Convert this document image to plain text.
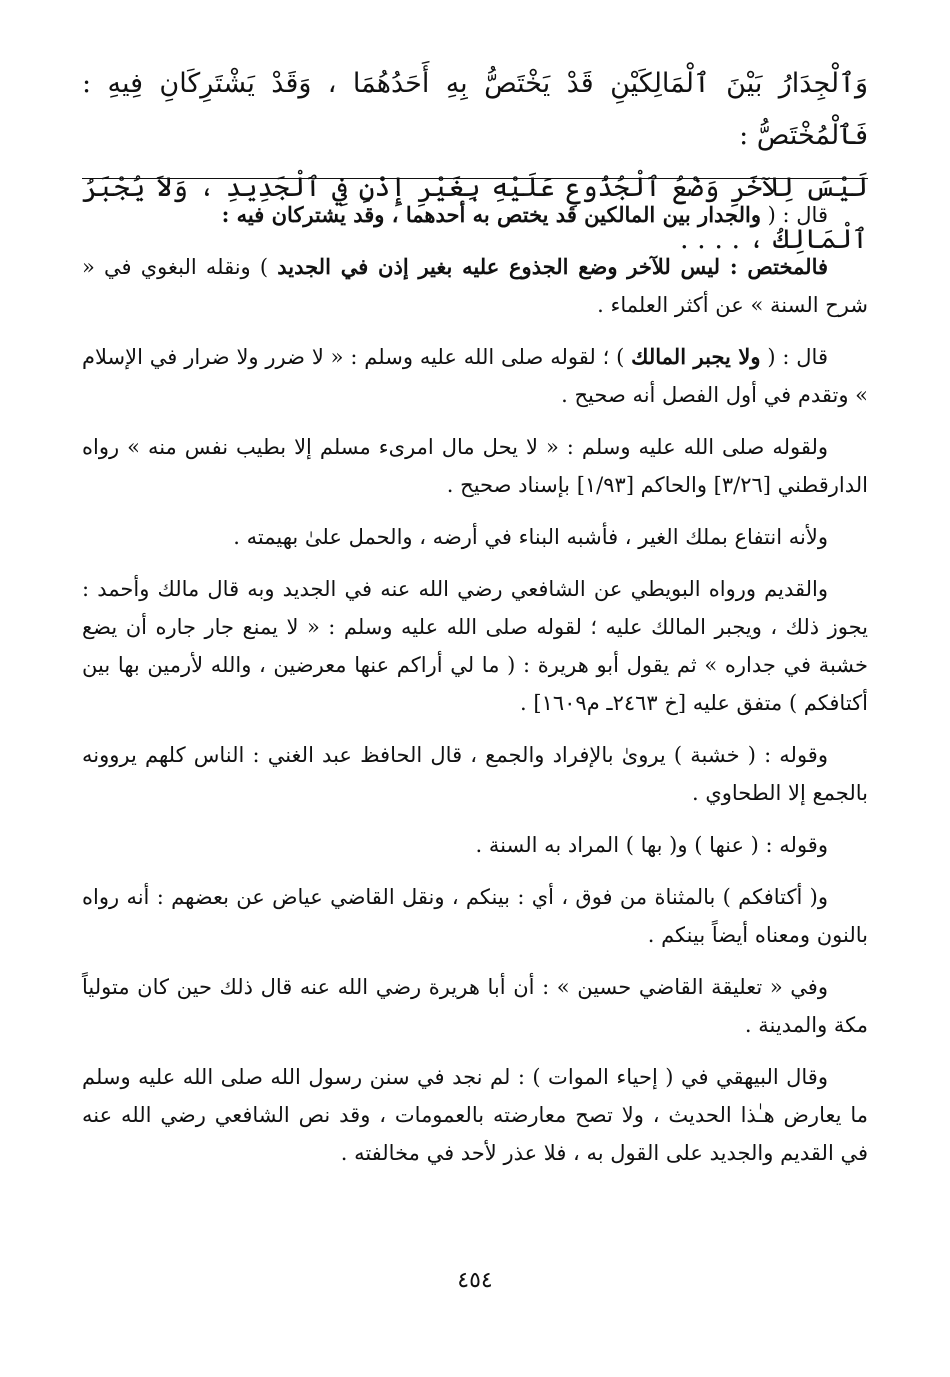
وَٱلْجِدَارُ بَيْنَ ٱلْمَالِكَيْنِ قَدْ يَخْتَصُّ بِهِ أَحَدُهُمَا ، وَقَدْ يَشْتَرِكَانِ فِيهِ : فَٱلْمُخْتَصُّ :

لَيْسَ لِلآخَرِ وَضْعُ ٱلْجُذُوعِ عَلَيْهِ بِغَيْرِ إِذْنٍ فِي ٱلْجَدِيدِ ، وَلاَ يُجْبَرُ ٱلْمَالِكُ ، . . . .

قال : ( والجدار بين المالكين قد يختص به أحدهما ، وقد يشتركان فيه :

فالمختص : ليس للآخر وضع الجذوع عليه بغير إذن في الجديد ) ونقله البغوي في « شرح السنة » عن أكثر العلماء .

قال : ( ولا يجبر المالك ) ؛ لقوله صلى الله عليه وسلم : « لا ضرر ولا ضرار في الإسلام » وتقدم في أول الفصل أنه صحيح .

ولقوله صلى الله عليه وسلم : « لا يحل مال امرىء مسلم إلا بطيب نفس منه » رواه الدارقطني [٣/٢٦] والحاكم [١/٩٣] بإسناد صحيح .

ولأنه انتفاع بملك الغير ، فأشبه البناء في أرضه ، والحمل علىٰ بهيمته .

والقديم ورواه البويطي عن الشافعي رضي الله عنه في الجديد وبه قال مالك وأحمد : يجوز ذلك ، ويجبر المالك عليه ؛ لقوله صلى الله عليه وسلم : « لا يمنع جار جاره أن يضع خشبة في جداره » ثم يقول أبو هريرة : ( ما لي أراكم عنها معرضين ، والله لأرمين بها بين أكتافكم ) متفق عليه [خ ٢٤٦٣ـ م١٦٠٩] .

وقوله : ( خشبة ) يروىٰ بالإفراد والجمع ، قال الحافظ عبد الغني : الناس كلهم يروونه بالجمع إلا الطحاوي .

وقوله : ( عنها ) و( بها ) المراد به السنة .

و( أكتافكم ) بالمثناة من فوق ، أي : بينكم ، ونقل القاضي عياض عن بعضهم : أنه رواه بالنون ومعناه أيضاً بينكم .

وفي « تعليقة القاضي حسين » : أن أبا هريرة رضي الله عنه قال ذلك حين كان متولياً مكة والمدينة .

وقال البيهقي في ( إحياء الموات ) : لم نجد في سنن رسول الله صلى الله عليه وسلم ما يعارض هـٰذا الحديث ، ولا تصح معارضته بالعمومات ، وقد نص الشافعي رضي الله عنه في القديم والجديد على القول به ، فلا عذر لأحد في مخالفته .

٤٥٤
